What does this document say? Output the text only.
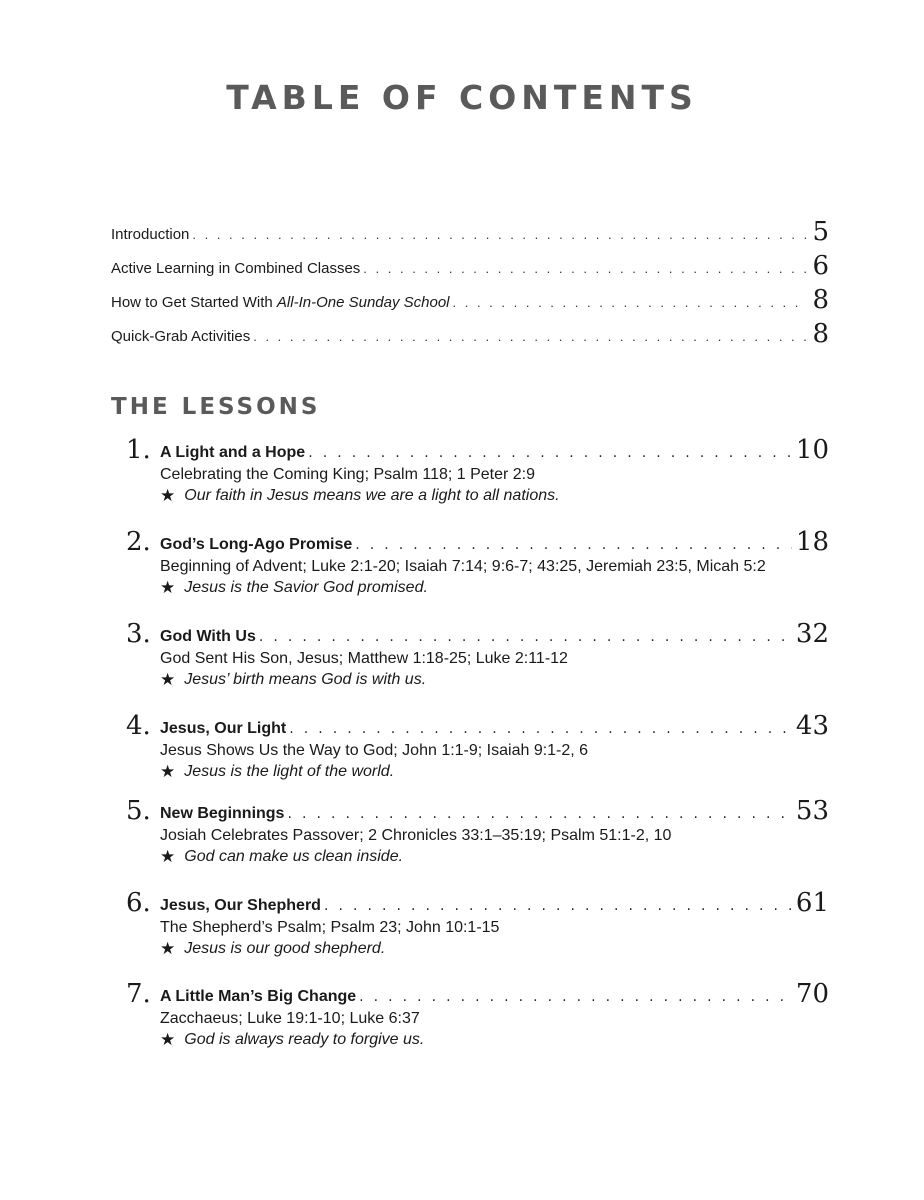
TABLE OF CONTENTS
Introduction . . .	5
Active Learning in Combined Classes . . .	6
How to Get Started With All-In-One Sunday School . . .	8
Quick-Grab Activities . . .	8
THE LESSONS
1. A Light and a Hope . . .	10
Celebrating the Coming King; Psalm 118; 1 Peter 2:9
★ Our faith in Jesus means we are a light to all nations.
2. God’s Long-Ago Promise . . .	18
Beginning of Advent; Luke 2:1-20; Isaiah 7:14; 9:6-7; 43:25, Jeremiah 23:5, Micah 5:2
★ Jesus is the Savior God promised.
3. God With Us . . .	32
God Sent His Son, Jesus; Matthew 1:18-25; Luke 2:11-12
★ Jesus’ birth means God is with us.
4. Jesus, Our Light . . .	43
Jesus Shows Us the Way to God; John 1:1-9; Isaiah 9:1-2, 6
★ Jesus is the light of the world.
5. New Beginnings . . .	53
Josiah Celebrates Passover; 2 Chronicles 33:1–35:19; Psalm 51:1-2, 10
★ God can make us clean inside.
6. Jesus, Our Shepherd . . .	61
The Shepherd’s Psalm; Psalm 23; John 10:1-15
★ Jesus is our good shepherd.
7. A Little Man’s Big Change . . .	70
Zacchaeus; Luke 19:1-10; Luke 6:37
★ God is always ready to forgive us.
